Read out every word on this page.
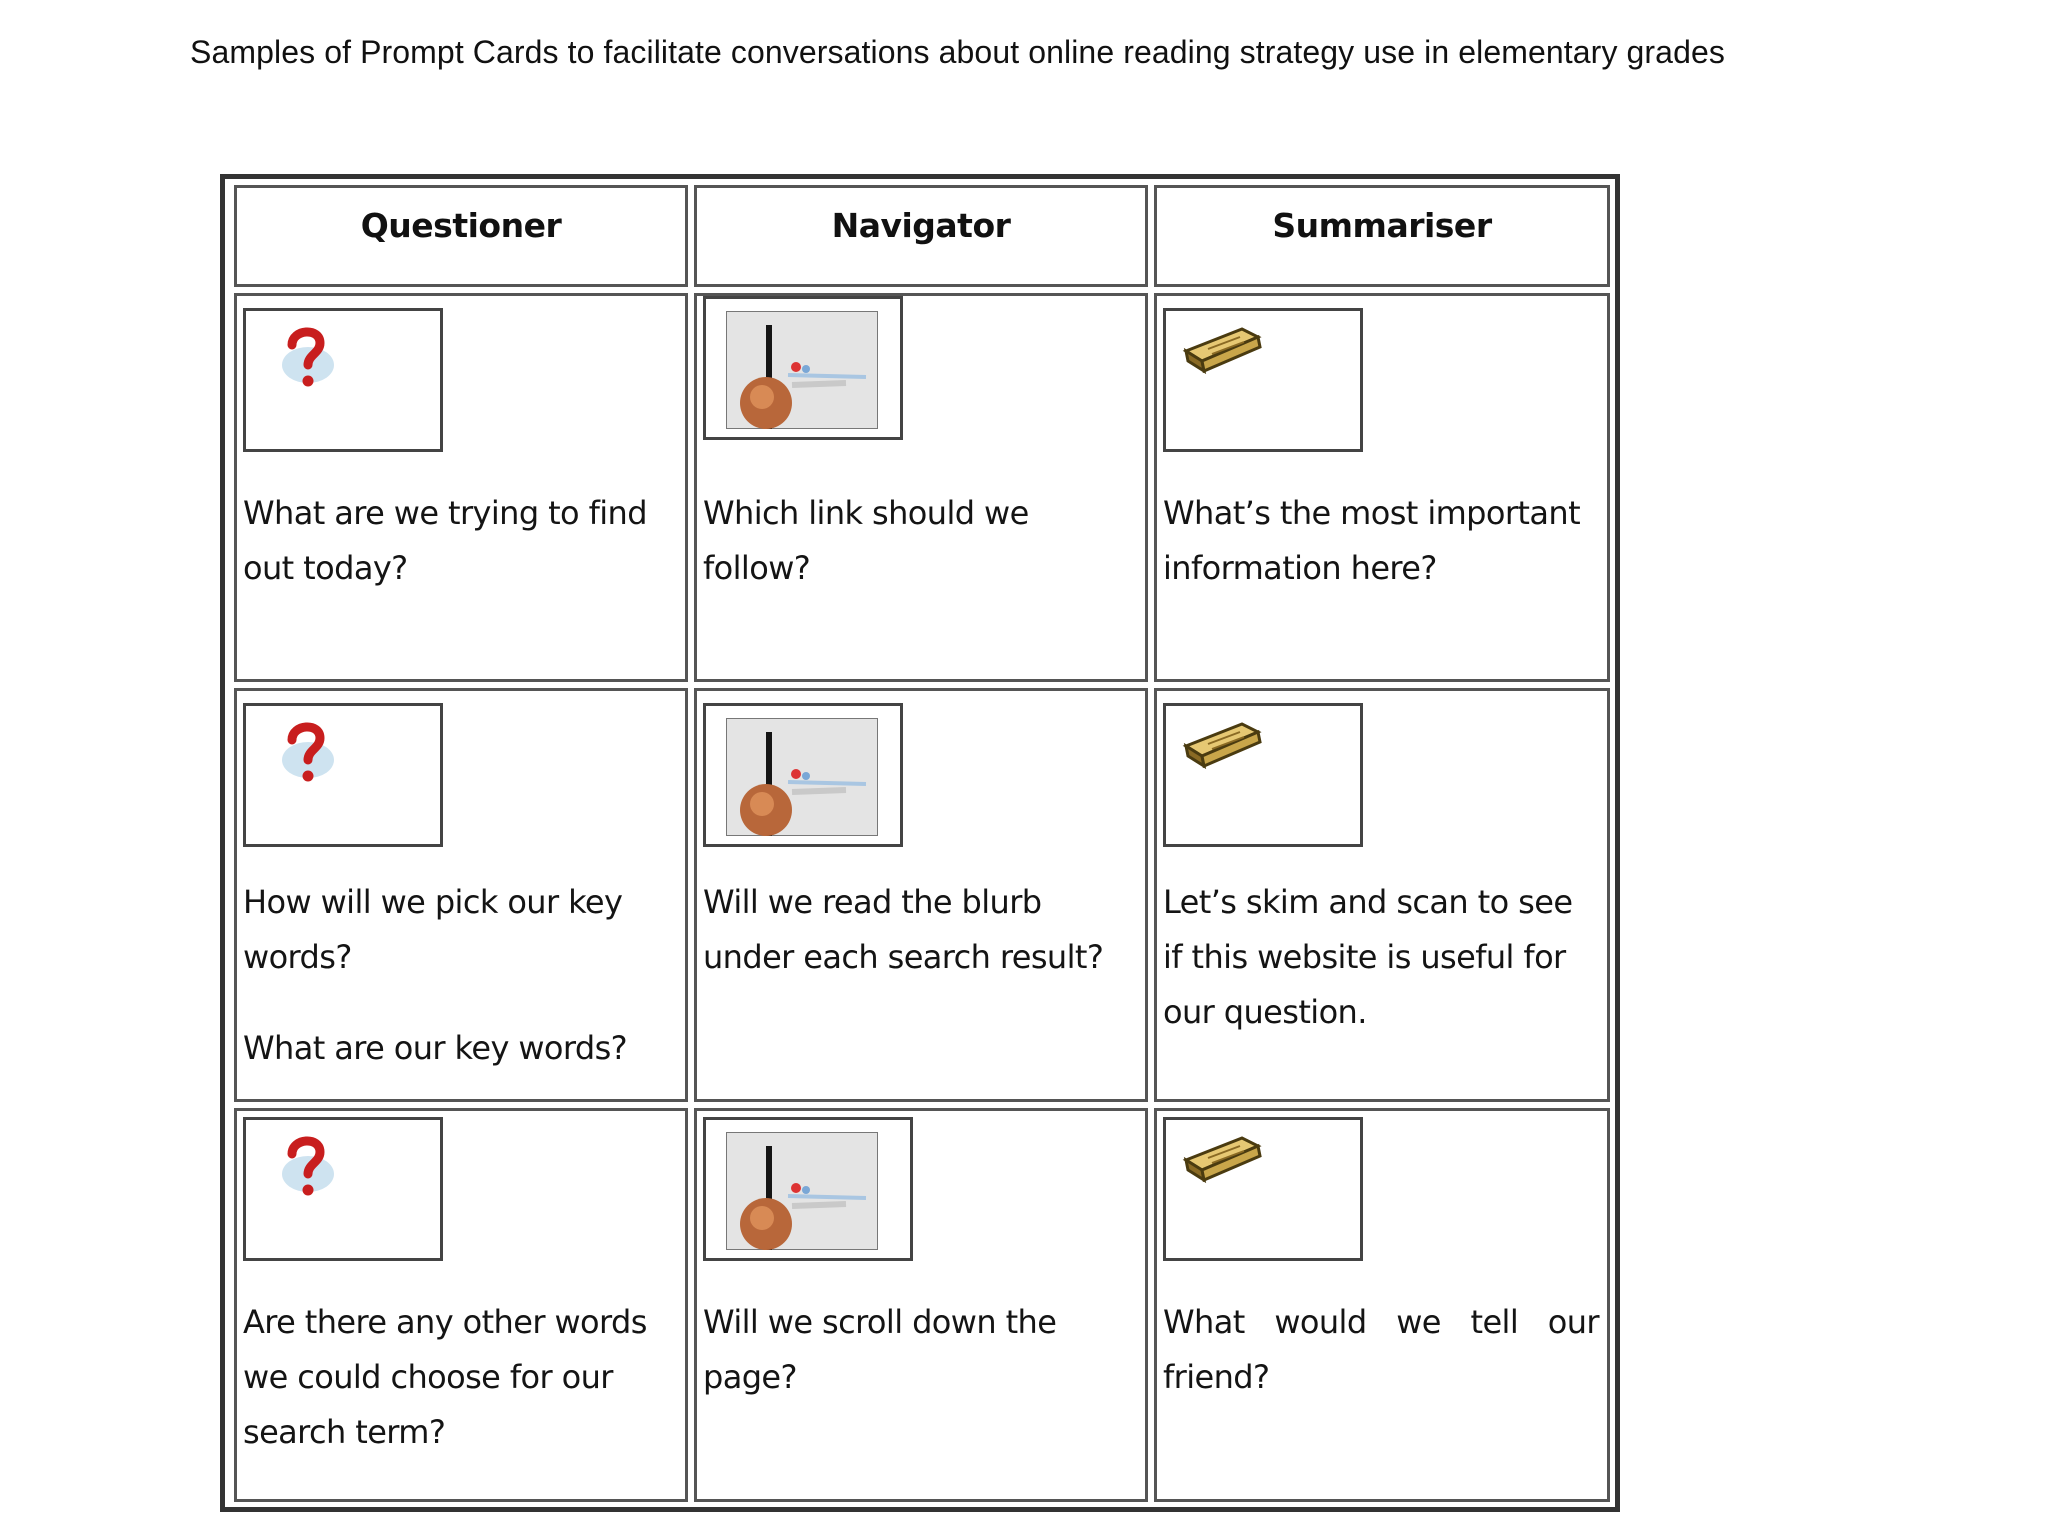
Samples of Prompt Cards to facilitate conversations about online reading strategy use in elementary grades
Questioner	Navigator	Summariser

What are we trying to find out today?

Which link should we follow?

What’s the most important information here?

How will we pick our key words?

What are our key words?

Will we read the blurb under each search result?

Let’s skim and scan to see if this website is useful for our question.

Are there any other words we could choose for our search term?

Will we scroll down the page?

What would we tell our friend?
